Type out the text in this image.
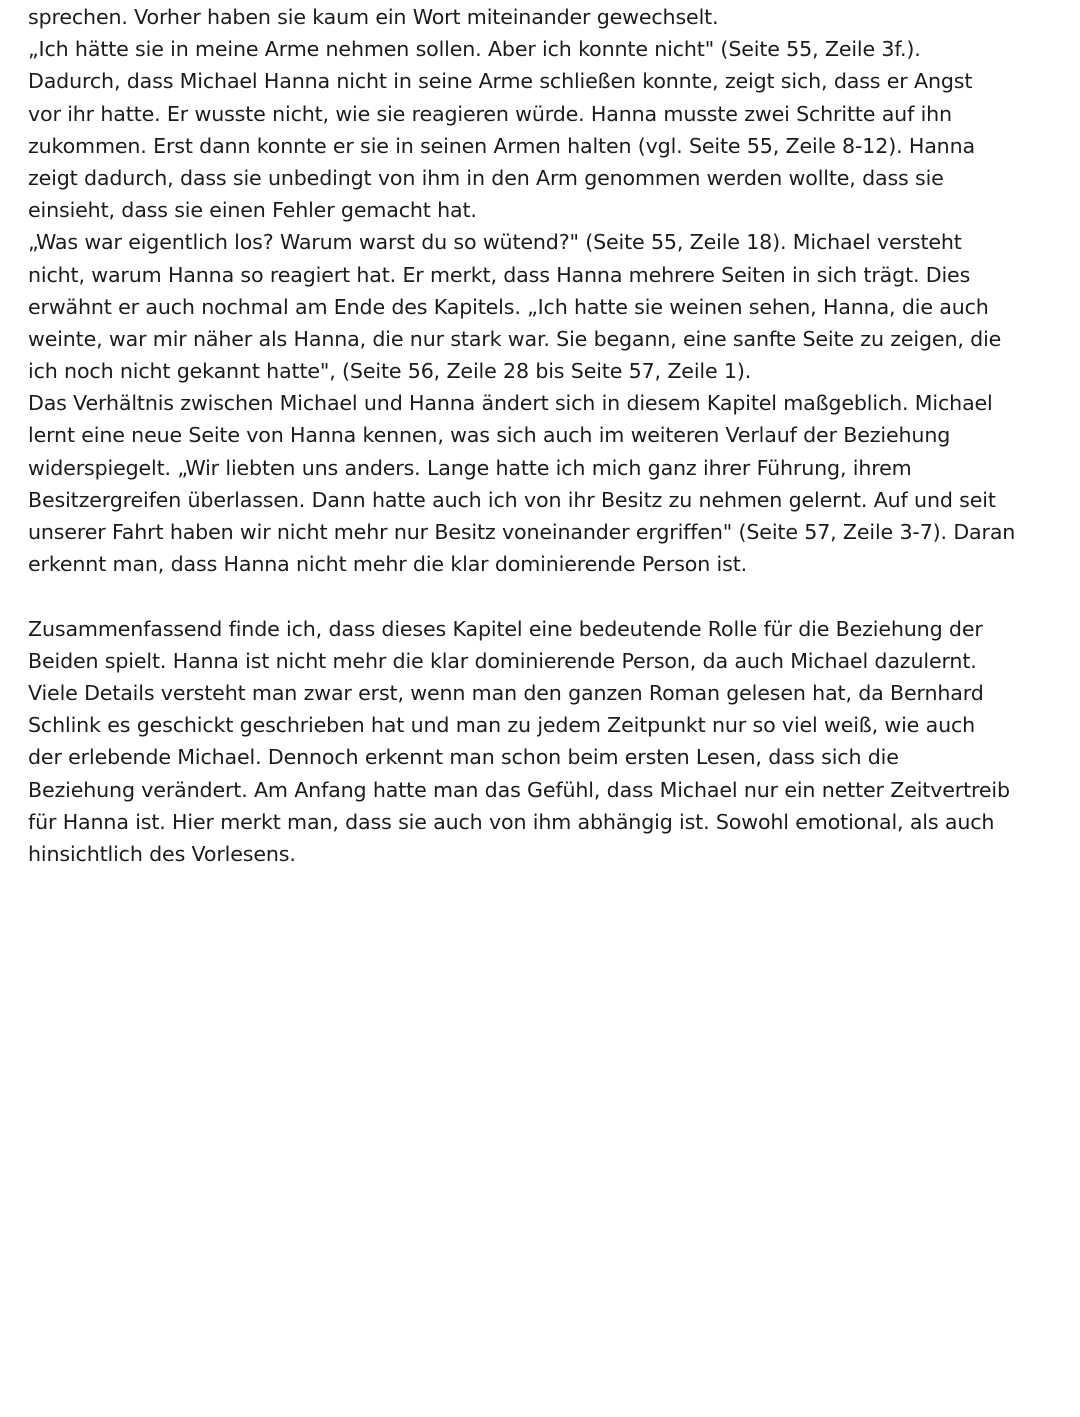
sprechen. Vorher haben sie kaum ein Wort miteinander gewechselt.
„Ich hätte sie in meine Arme nehmen sollen. Aber ich konnte nicht" (Seite 55, Zeile 3f.).
Dadurch, dass Michael Hanna nicht in seine Arme schließen konnte, zeigt sich, dass er Angst
vor ihr hatte. Er wusste nicht, wie sie reagieren würde. Hanna musste zwei Schritte auf ihn
zukommen. Erst dann konnte er sie in seinen Armen halten (vgl. Seite 55, Zeile 8-12). Hanna
zeigt dadurch, dass sie unbedingt von ihm in den Arm genommen werden wollte, dass sie
einsieht, dass sie einen Fehler gemacht hat.
„Was war eigentlich los? Warum warst du so wütend?" (Seite 55, Zeile 18). Michael versteht
nicht, warum Hanna so reagiert hat. Er merkt, dass Hanna mehrere Seiten in sich trägt. Dies
erwähnt er auch nochmal am Ende des Kapitels. „Ich hatte sie weinen sehen, Hanna, die auch
weinte, war mir näher als Hanna, die nur stark war. Sie begann, eine sanfte Seite zu zeigen, die
ich noch nicht gekannt hatte", (Seite 56, Zeile 28 bis Seite 57, Zeile 1).
Das Verhältnis zwischen Michael und Hanna ändert sich in diesem Kapitel maßgeblich. Michael
lernt eine neue Seite von Hanna kennen, was sich auch im weiteren Verlauf der Beziehung
widerspiegelt. „Wir liebten uns anders. Lange hatte ich mich ganz ihrer Führung, ihrem
Besitzergreifen überlassen. Dann hatte auch ich von ihr Besitz zu nehmen gelernt. Auf und seit
unserer Fahrt haben wir nicht mehr nur Besitz voneinander ergriffen" (Seite 57, Zeile 3-7). Daran
erkennt man, dass Hanna nicht mehr die klar dominierende Person ist.
Zusammenfassend finde ich, dass dieses Kapitel eine bedeutende Rolle für die Beziehung der
Beiden spielt. Hanna ist nicht mehr die klar dominierende Person, da auch Michael dazulernt.
Viele Details versteht man zwar erst, wenn man den ganzen Roman gelesen hat, da Bernhard
Schlink es geschickt geschrieben hat und man zu jedem Zeitpunkt nur so viel weiß, wie auch
der erlebende Michael. Dennoch erkennt man schon beim ersten Lesen, dass sich die
Beziehung verändert. Am Anfang hatte man das Gefühl, dass Michael nur ein netter Zeitvertreib
für Hanna ist. Hier merkt man, dass sie auch von ihm abhängig ist. Sowohl emotional, als auch
hinsichtlich des Vorlesens.
